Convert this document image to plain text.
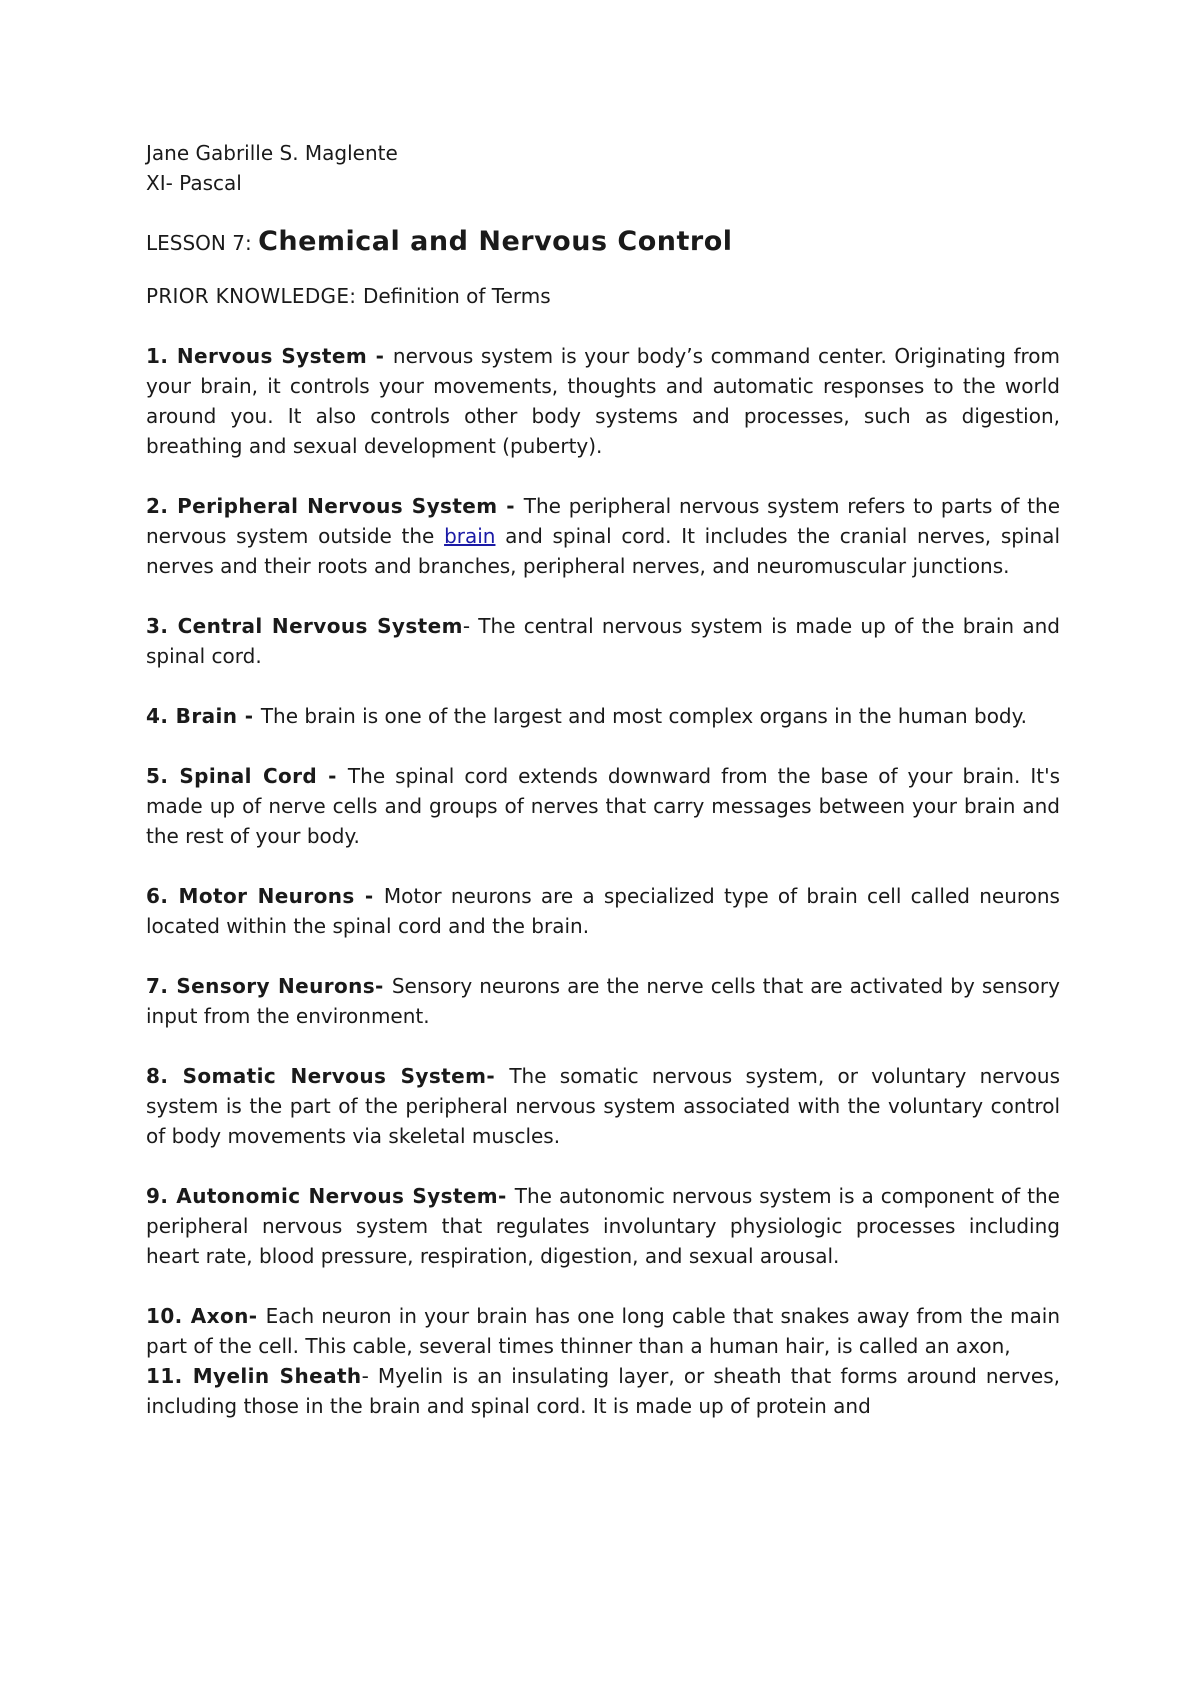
Jane Gabrille S. Maglente

XI- Pascal

LESSON 7: Chemical and Nervous Control

PRIOR KNOWLEDGE: Definition of Terms

1. Nervous System - nervous system is your body’s command center. Originating from your brain, it controls your movements, thoughts and automatic responses to the world around you. It also controls other body systems and processes, such as digestion, breathing and sexual development (puberty).

2. Peripheral Nervous System - The peripheral nervous system refers to parts of the nervous system outside the brain and spinal cord. It includes the cranial nerves, spinal nerves and their roots and branches, peripheral nerves, and neuromuscular junctions.

3. Central Nervous System- The central nervous system is made up of the brain and spinal cord.

4. Brain - The brain is one of the largest and most complex organs in the human body.

5. Spinal Cord - The spinal cord extends downward from the base of your brain. It's made up of nerve cells and groups of nerves that carry messages between your brain and the rest of your body.

6. Motor Neurons - Motor neurons are a specialized type of brain cell called neurons located within the spinal cord and the brain.

7. Sensory Neurons- Sensory neurons are the nerve cells that are activated by sensory input from the environment.

8. Somatic Nervous System- The somatic nervous system, or voluntary nervous system is the part of the peripheral nervous system associated with the voluntary control of body movements via skeletal muscles.

9. Autonomic Nervous System- The autonomic nervous system is a component of the peripheral nervous system that regulates involuntary physiologic processes including heart rate, blood pressure, respiration, digestion, and sexual arousal.

10. Axon- Each neuron in your brain has one long cable that snakes away from the main part of the cell. This cable, several times thinner than a human hair, is called an axon,

11. Myelin Sheath- Myelin is an insulating layer, or sheath that forms around nerves, including those in the brain and spinal cord. It is made up of protein and
